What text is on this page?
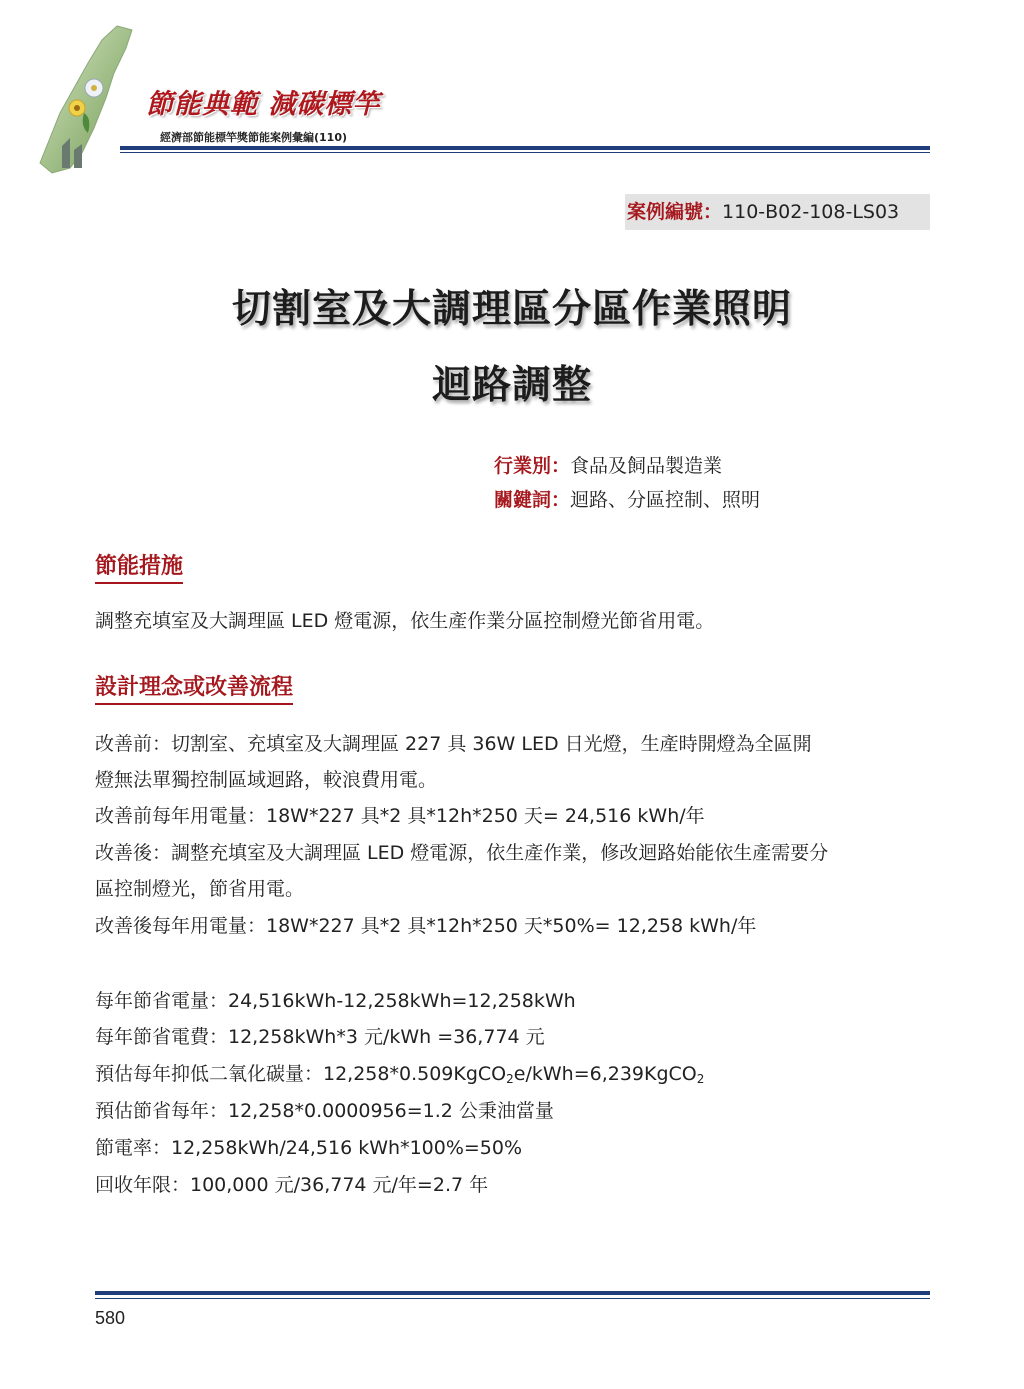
節能典範 減碳標竿
經濟部節能標竿獎節能案例彙編(110)
案例編號：110-B02-108-LS03
切割室及大調理區分區作業照明
迴路調整
行業別：食品及飼品製造業
關鍵詞：迴路、分區控制、照明
節能措施
調整充填室及大調理區 LED 燈電源，依生產作業分區控制燈光節省用電。
設計理念或改善流程
改善前：切割室、充填室及大調理區 227 具 36W LED 日光燈，生產時開燈為全區開
燈無法單獨控制區域迴路，較浪費用電。
改善前每年用電量：18W*227 具*2 具*12h*250 天= 24,516 kWh/年
改善後：調整充填室及大調理區 LED 燈電源，依生產作業，修改迴路始能依生產需要分
區控制燈光，節省用電。
改善後每年用電量：18W*227 具*2 具*12h*250 天*50%= 12,258 kWh/年
每年節省電量：24,516kWh-12,258kWh=12,258kWh
每年節省電費：12,258kWh*3 元/kWh =36,774 元
預估每年抑低二氧化碳量：12,258*0.509KgCO$_2$e/kWh=6,239KgCO$_2$
預估節省每年：12,258*0.0000956=1.2 公秉油當量
節電率：12,258kWh/24,516 kWh*100%=50%
回收年限：100,000 元/36,774 元/年=2.7 年
580
